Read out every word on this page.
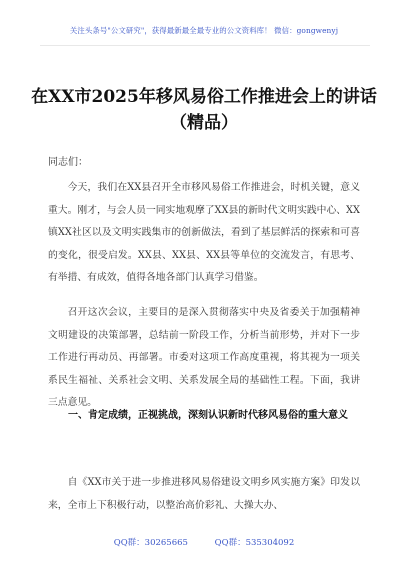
关注头条号"公文研究"，获得最新最全最专业的公文资料库！ 微信：gongwenyj
在XX市2025年移风易俗工作推进会上的讲话（精品）
同志们：

今天，我们在XX县召开全市移风易俗工作推进会，时机关键，意义重大。刚才，与会人员一同实地观摩了XX县的新时代文明实践中心、XX镇XX社区以及文明实践集市的创新做法，看到了基层鲜活的探索和可喜的变化，很受启发。XX县、XX县、XX县等单位的交流发言，有思考、有举措、有成效，值得各地各部门认真学习借鉴。

召开这次会议，主要目的是深入贯彻落实中央及省委关于加强精神文明建设的决策部署，总结前一阶段工作，分析当前形势，并对下一步工作进行再动员、再部署。市委对这项工作高度重视，将其视为一项关系民生福祉、关系社会文明、关系发展全局的基础性工程。下面，我讲三点意见。

一、肯定成绩，正视挑战，深刻认识新时代移风易俗的重大意义

自《XX市关于进一步推进移风易俗建设文明乡风实施方案》印发以来，全市上下积极行动，以整治高价彩礼、大操大办、

QQ群：30265665	QQ群：535304092
